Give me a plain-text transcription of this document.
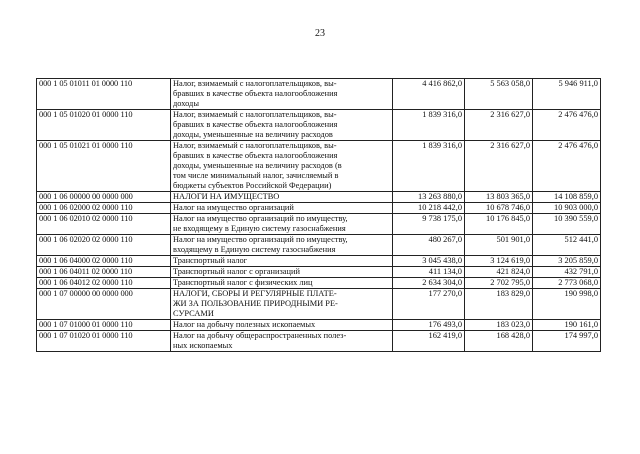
23
000 1 05 01011 01 0000 110	Налог, взимаемый с налогоплательщиков, вы-
бравших в качестве объекта налогообложения
доходы	4 416 862,0	5 563 058,0	5 946 911,0
000 1 05 01020 01 0000 110	Налог, взимаемый с налогоплательщиков, вы-
бравших в качестве объекта налогообложения
доходы, уменьшенные на величину расходов	1 839 316,0	2 316 627,0	2 476 476,0
000 1 05 01021 01 0000 110	Налог, взимаемый с налогоплательщиков, вы-
бравших в качестве объекта налогообложения
доходы, уменьшенные на величину расходов (в
том числе минимальный налог, зачисляемый в
бюджеты субъектов Российской Федерации)	1 839 316,0	2 316 627,0	2 476 476,0
000 1 06 00000 00 0000 000	НАЛОГИ НА ИМУЩЕСТВО	13 263 880,0	13 803 365,0	14 108 859,0
000 1 06 02000 02 0000 110	Налог на имущество организаций	10 218 442,0	10 678 746,0	10 903 000,0
000 1 06 02010 02 0000 110	Налог на имущество организаций по имуществу,
не входящему в Единую систему газоснабжения	9 738 175,0	10 176 845,0	10 390 559,0
000 1 06 02020 02 0000 110	Налог на имущество организаций по имуществу,
входящему в Единую систему газоснабжения	480 267,0	501 901,0	512 441,0
000 1 06 04000 02 0000 110	Транспортный налог	3 045 438,0	3 124 619,0	3 205 859,0
000 1 06 04011 02 0000 110	Транспортный налог с организаций	411 134,0	421 824,0	432 791,0
000 1 06 04012 02 0000 110	Транспортный налог с физических лиц	2 634 304,0	2 702 795,0	2 773 068,0
000 1 07 00000 00 0000 000	НАЛОГИ, СБОРЫ И РЕГУЛЯРНЫЕ ПЛАТЕ-
ЖИ ЗА ПОЛЬЗОВАНИЕ ПРИРОДНЫМИ РЕ-
СУРСАМИ	177 270,0	183 829,0	190 998,0
000 1 07 01000 01 0000 110	Налог на добычу полезных ископаемых	176 493,0	183 023,0	190 161,0
000 1 07 01020 01 0000 110	Налог на добычу общераспространенных полез-
ных ископаемых	162 419,0	168 428,0	174 997,0
